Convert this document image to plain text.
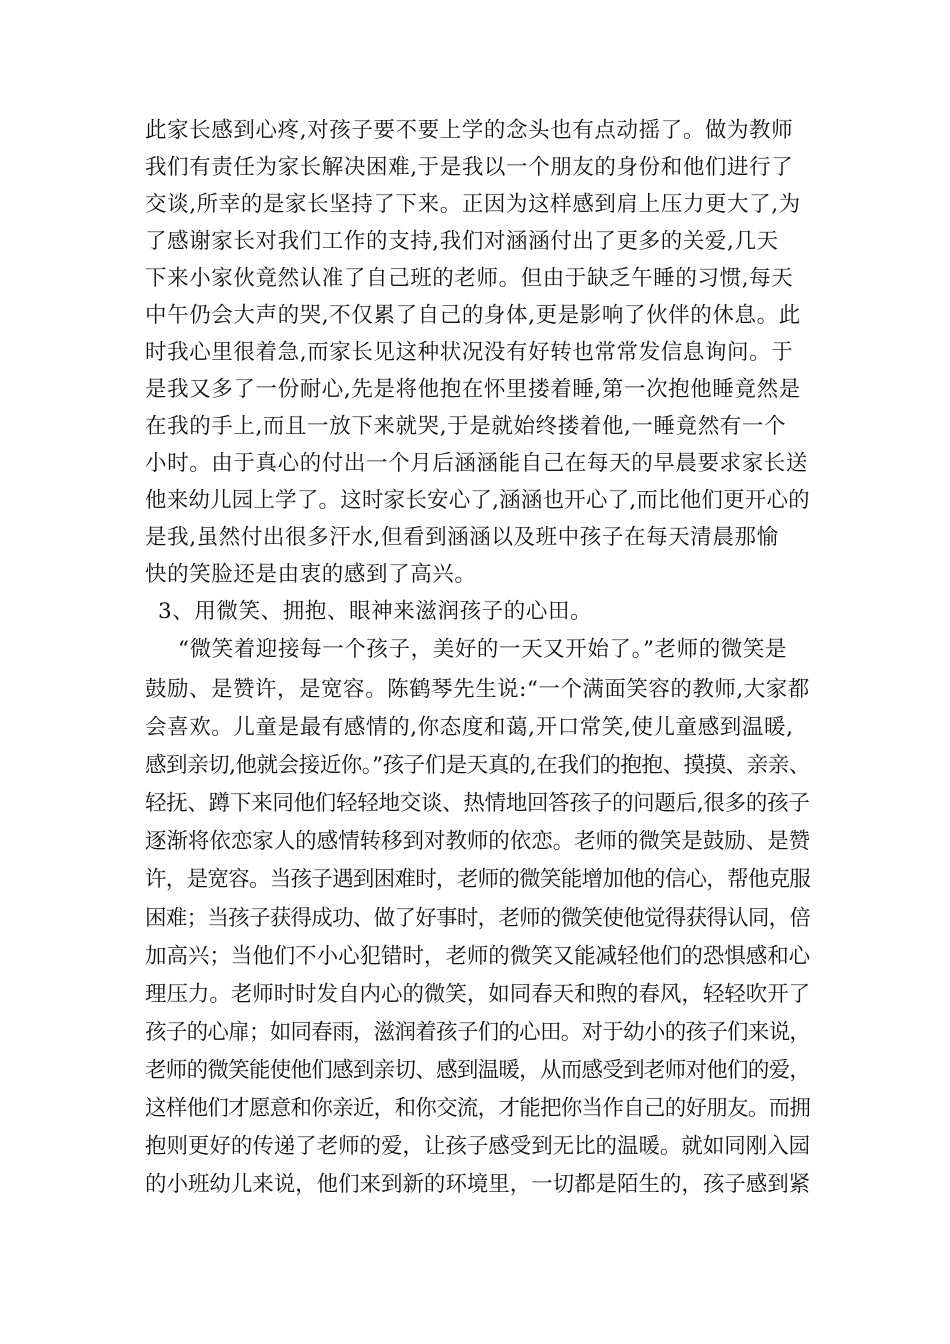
此家长感到心疼,对孩子要不要上学的念头也有点动摇了。做为教师
我们有责任为家长解决困难,于是我以一个朋友的身份和他们进行了
交谈,所幸的是家长坚持了下来。正因为这样感到肩上压力更大了,为
了感谢家长对我们工作的支持,我们对涵涵付出了更多的关爱,几天
下来小家伙竟然认准了自己班的老师。但由于缺乏午睡的习惯,每天
中午仍会大声的哭,不仅累了自己的身体,更是影响了伙伴的休息。此
时我心里很着急,而家长见这种状况没有好转也常常发信息询问。于
是我又多了一份耐心,先是将他抱在怀里搂着睡,第一次抱他睡竟然是
在我的手上,而且一放下来就哭,于是就始终搂着他,一睡竟然有一个
小时。由于真心的付出一个月后涵涵能自己在每天的早晨要求家长送
他来幼儿园上学了。这时家长安心了,涵涵也开心了,而比他们更开心的
是我,虽然付出很多汗水,但看到涵涵以及班中孩子在每天清晨那愉
快的笑脸还是由衷的感到了高兴。
3、用微笑、拥抱、眼神来滋润孩子的心田。
“微笑着迎接每一个孩子，美好的一天又开始了。”老师的微笑是
鼓励、是赞许，是宽容。陈鹤琴先生说:“一个满面笑容的教师,大家都
会喜欢。儿童是最有感情的,你态度和蔼,开口常笑,使儿童感到温暖,
感到亲切,他就会接近你。”孩子们是天真的,在我们的抱抱、摸摸、亲亲、
轻抚、蹲下来同他们轻轻地交谈、热情地回答孩子的问题后,很多的孩子
逐渐将依恋家人的感情转移到对教师的依恋。老师的微笑是鼓励、是赞
许，是宽容。当孩子遇到困难时，老师的微笑能增加他的信心，帮他克服
困难；当孩子获得成功、做了好事时，老师的微笑使他觉得获得认同，倍
加高兴；当他们不小心犯错时，老师的微笑又能减轻他们的恐惧感和心
理压力。老师时时发自内心的微笑，如同春天和煦的春风，轻轻吹开了
孩子的心扉；如同春雨，滋润着孩子们的心田。对于幼小的孩子们来说，
老师的微笑能使他们感到亲切、感到温暖，从而感受到老师对他们的爱，
这样他们才愿意和你亲近，和你交流，才能把你当作自己的好朋友。而拥
抱则更好的传递了老师的爱，让孩子感受到无比的温暖。就如同刚入园
的小班幼儿来说，他们来到新的环境里，一切都是陌生的，孩子感到紧
